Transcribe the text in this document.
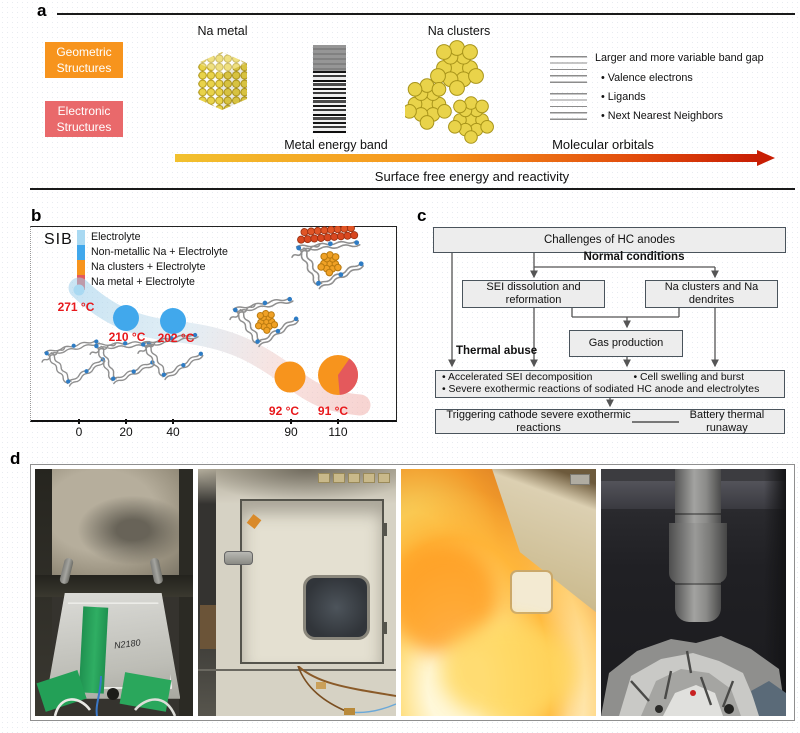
a
Geometric
Structures
Electronic
Structures
Na metal	Na clusters
Metal energy band
Larger and more variable band gap
• Valence electrons
• Ligands
• Next Nearest Neighbors
Molecular orbitals
Surface free energy and reactivity
b
SIB Electrolyte
Non-metallic Na + Electrolyte
Na clusters + Electrolyte
Na metal + Electrolyte
271 °C
210 °C	202 °C
92 °C	91 °C
0	20	40	90	110
c
Challenges of HC anodes
Normal conditions
SEI dissolution and
reformation
Na clusters and Na dendrites
Gas production
Thermal abuse
• Accelerated SEI decomposition	• Cell swelling and burst
• Severe exothermic reactions of sodiated HC anode and electrolytes
Triggering cathode severe exothermic reactions
Battery thermal runaway
d
N2180
